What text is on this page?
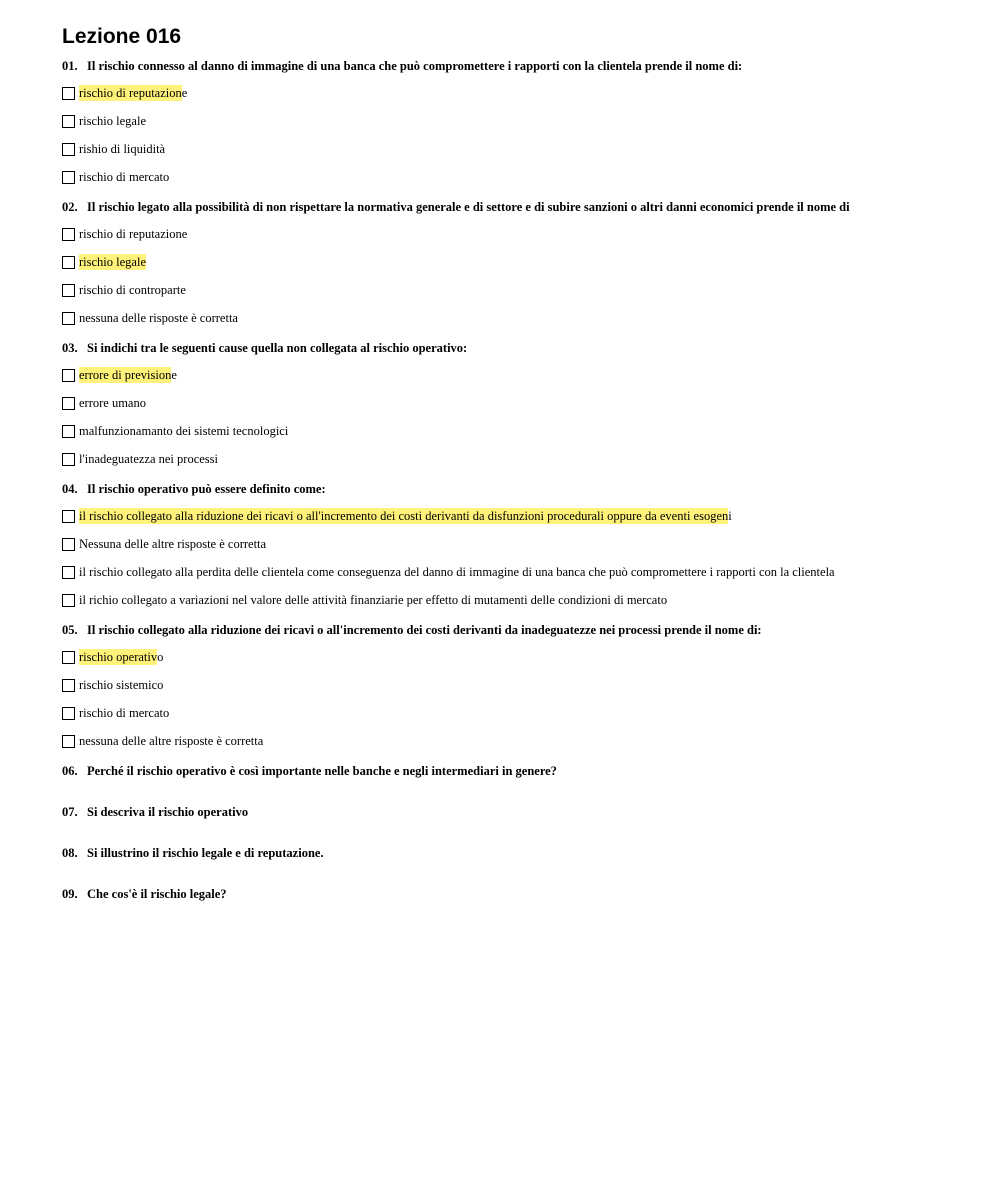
Lezione 016
01. Il rischio connesso al danno di immagine di una banca che può compromettere i rapporti con la clientela prende il nome di:
rischio di reputazion e
rischio legale
rishio di liquidità
rischio di mercato
02. Il rischio legato alla possibilità di non rispettare la normativa generale e di settore e di subire sanzioni o altri danni economici prende il nome di
rischio di reputazione
rischio legale
rischio di controparte
nessuna delle risposte è corretta
03. Si indichi tra le seguenti cause quella non collegata al rischio operativo:
errore di prevision e
errore umano
malfunzionamanto dei sistemi tecnologici
l'inadeguatezza nei processi
04. Il rischio operativo può essere definito come:
il rischio collegato alla riduzione dei ricavi o all'incremento dei costi derivanti da disfunzioni procedurali oppure da eventi esogen i
Nessuna delle altre risposte è corretta
il rischio collegato alla perdita delle clientela come conseguenza del danno di immagine di una banca che può compromettere i rapporti con la clientela
il richio collegato a variazioni nel valore delle attività finanziarie per effetto di mutamenti delle condizioni di mercato
05. Il rischio collegato alla riduzione dei ricavi o all'incremento dei costi derivanti da inadeguatezze nei processi prende il nome di:
rischio operativ o
rischio sistemico
rischio di mercato
nessuna delle altre risposte è corretta
06. Perché il rischio operativo è così importante nelle banche e negli intermediari in genere?
07. Si descriva il rischio operativo
08. Si illustrino il rischio legale e di reputazione.
09. Che cos'è il rischio legale?
